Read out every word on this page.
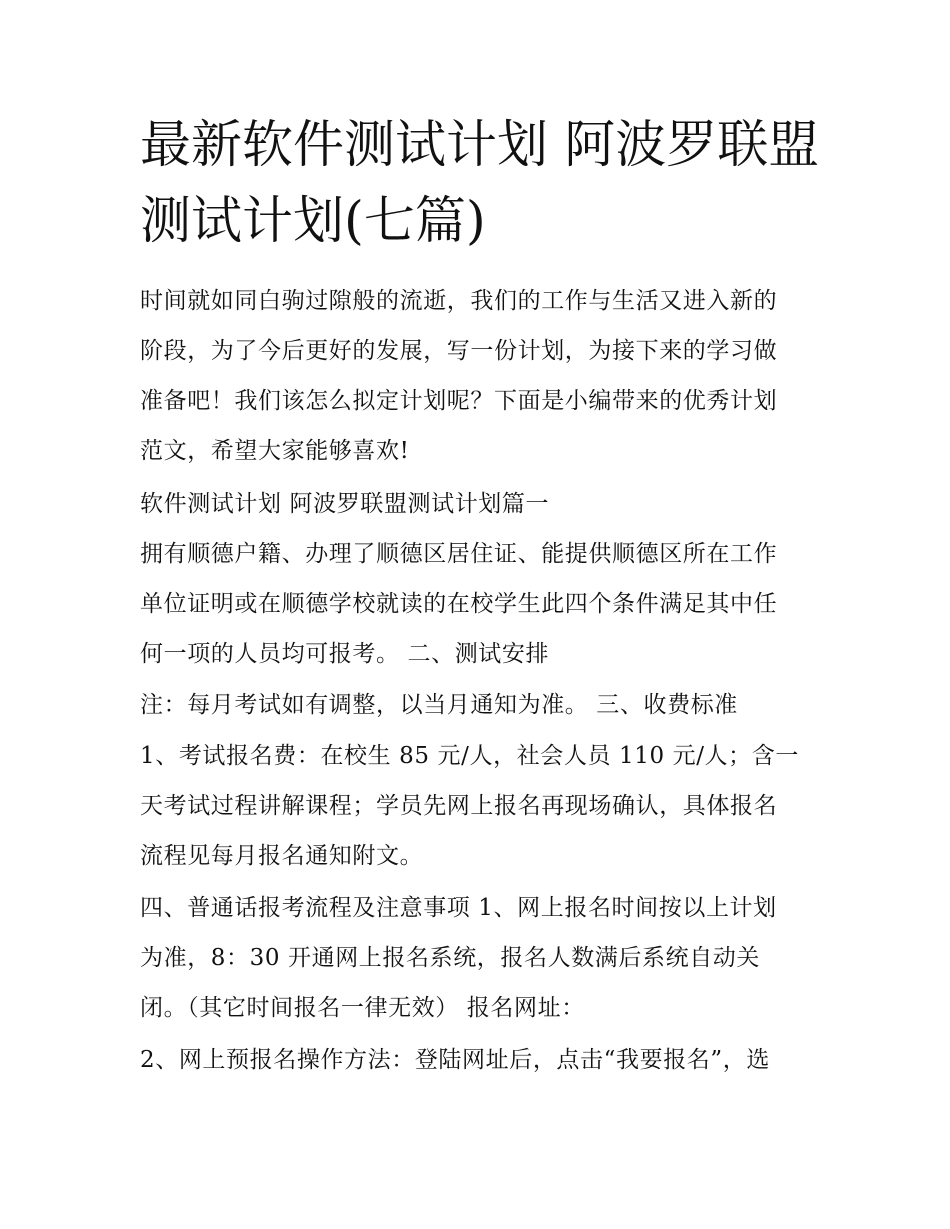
最新软件测试计划 阿波罗联盟
测试计划(七篇)
时间就如同白驹过隙般的流逝，我们的工作与生活又进入新的
阶段，为了今后更好的发展，写一份计划，为接下来的学习做
准备吧！我们该怎么拟定计划呢？下面是小编带来的优秀计划
范文，希望大家能够喜欢!
软件测试计划 阿波罗联盟测试计划篇一
拥有顺德户籍、办理了顺德区居住证、能提供顺德区所在工作
单位证明或在顺德学校就读的在校学生此四个条件满足其中任
何一项的人员均可报考。 二、测试安排
注：每月考试如有调整，以当月通知为准。 三、收费标准
1、考试报名费：在校生 85 元/人，社会人员 110 元/人；含一
天考试过程讲解课程；学员先网上报名再现场确认，具体报名
流程见每月报名通知附文。
四、普通话报考流程及注意事项 1、网上报名时间按以上计划
为准，8：30 开通网上报名系统，报名人数满后系统自动关
闭。（其它时间报名一律无效） 报名网址：
2、网上预报名操作方法：登陆网址后，点击“我要报名”，选
